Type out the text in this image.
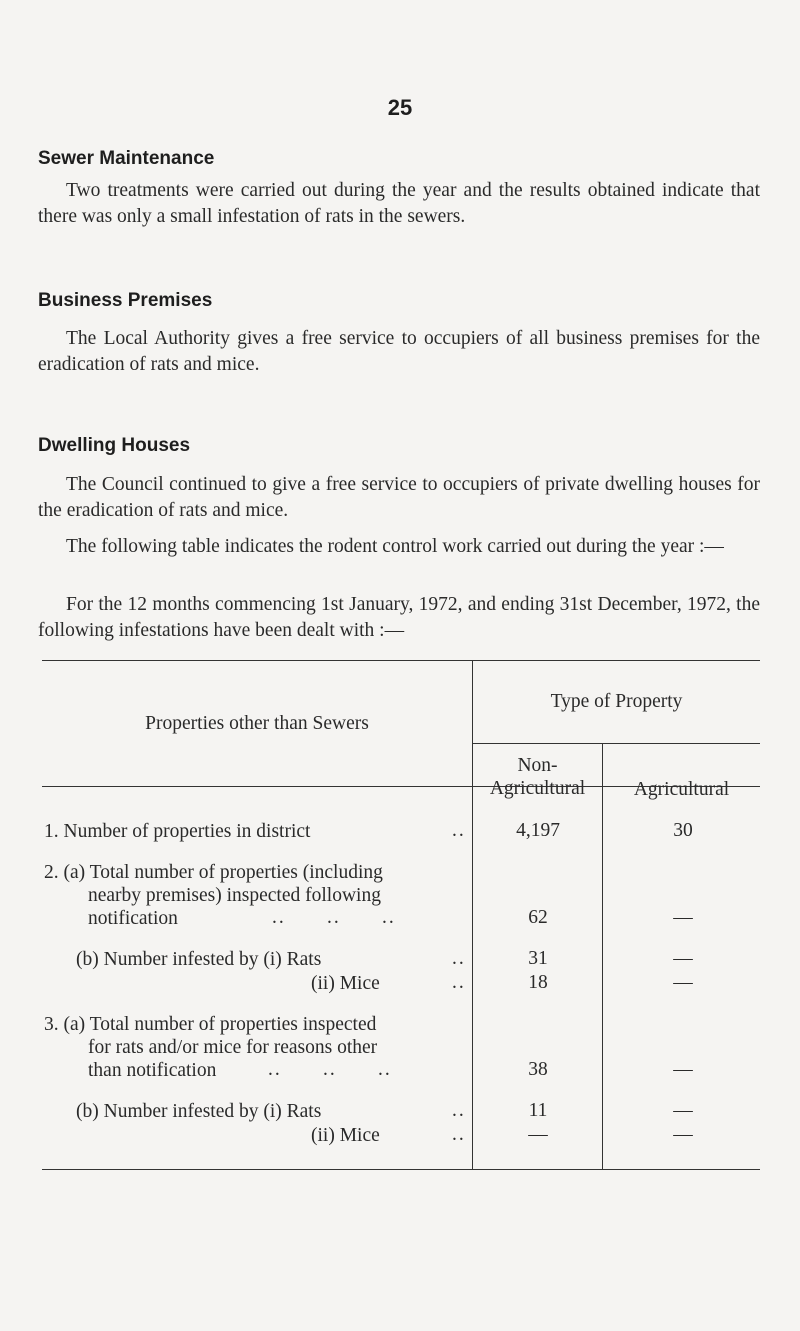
25
Sewer Maintenance

Two treatments were carried out during the year and the results obtained indicate that there was only a small infestation of rats in the sewers.

Business Premises

The Local Authority gives a free service to occupiers of all business premises for the eradication of rats and mice.

Dwelling Houses

The Council continued to give a free service to occupiers of private dwelling houses for the eradication of rats and mice.

The following table indicates the rodent control work carried out during the year :—

For the 12 months commencing 1st January, 1972, and ending 31st December, 1972, the following infestations have been dealt with :—

Properties other than Sewers
Type of Property
Non-
Agricultural	Agricultural
1. Number of properties in district	..	4,197	30
2. (a) Total number of properties (including
nearby premises) inspected following
notification	..      ..      ..	62	—
(b) Number infested by (i) Rats	..	31	—
(ii) Mice	..	18	—
3. (a) Total number of properties inspected
for rats and/or mice for reasons other
than notification	..      ..      ..	38	—
(b) Number infested by (i) Rats	..	11	—
(ii) Mice	..	—	—
